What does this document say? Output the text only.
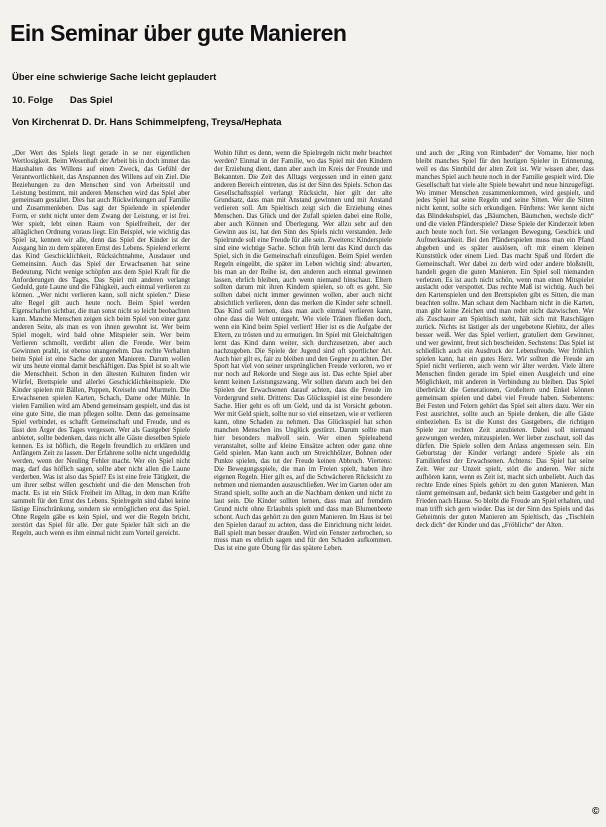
Ein Seminar über gute Manieren
Über eine schwierige Sache leicht geplaudert
10. Folge Das Spiel
Von Kirchenrat D. Dr. Hans Schimmelpfeng, Treysa/Hephata

„Der Wert des Spiels liegt gerade in se ner eigentlichen Wertlosigkeit. Beim Wesenhaft der Arbeit bis in doch immer das Haushalten des Willens auf einen Zweck, das Gefühl der Verantwortlichkeit, das Anspannen des Willens auf ein Ziel. Die Beziehungen zu den Menschen sind von Arbeitsstil und Leistung bestimmt, mit anderen Menschen wird das Spiel aber gemeinsam gestaltet. Dies hat auch Rückwirkungen auf Familie und Zusammenleben. Das sagt der Spielende in spielender Form, er steht nicht unter dem Zwang der Leistung, er ist frei. Wer spielt, lebt einen Raum von Spielfreiheit, der der alltäglichen Ordnung voraus liegt. Ein Beispiel, wie wichtig das Spiel ist, kennen wir alle, denn das Spiel der Kinder ist der Ausgang hin zu dem späteren Ernst des Lebens. Spielend erlernt das Kind Geschicklichkeit, Rücksichtnahme, Ausdauer und Gemeinsinn. Auch das Spiel der Erwachsenen hat seine Bedeutung. Nicht wenige schöpfen aus dem Spiel Kraft für die Anforderungen des Tages. Das Spiel mit anderen verlangt Geduld, gute Laune und die Fähigkeit, auch einmal verlieren zu können. „Wer nicht verlieren kann, soll nicht spielen.“ Diese alte Regel gilt auch heute noch. Beim Spiel werden Eigenschaften sichtbar, die man sonst nicht so leicht beobachten kann. Manche Menschen zeigen sich beim Spiel von einer ganz anderen Seite, als man es von ihnen gewohnt ist. Wer beim Spiel mogelt, wird bald ohne Mitspieler sein. Wer beim Verlieren schmollt, verdirbt allen die Freude. Wer beim Gewinnen prahlt, ist ebenso unangenehm. Das rechte Verhalten beim Spiel ist eine Sache der guten Manieren. Darum wollen wir uns heute einmal damit beschäftigen. Das Spiel ist so alt wie die Menschheit. Schon in den ältesten Kulturen finden wir Würfel, Brettspiele und allerlei Geschicklichkeitsspiele. Die Kinder spielen mit Bällen, Puppen, Kreiseln und Murmeln. Die Erwachsenen spielen Karten, Schach, Dame oder Mühle. In vielen Familien wird am Abend gemeinsam gespielt, und das ist eine gute Sitte, die man pflegen sollte. Denn das gemeinsame Spiel verbindet, es schafft Gemeinschaft und Freude, und es lässt den Ärger des Tages vergessen. Wer als Gastgeber Spiele anbietet, sollte bedenken, dass nicht alle Gäste dieselben Spiele kennen. Es ist höflich, die Regeln freundlich zu erklären und Anfängern Zeit zu lassen. Der Erfahrene sollte nicht ungeduldig werden, wenn der Neuling Fehler macht. Wer ein Spiel nicht mag, darf das höflich sagen, sollte aber nicht allen die Laune verderben. Was ist also das Spiel? Es ist eine freie Tätigkeit, die um ihrer selbst willen geschieht und die den Menschen froh macht. Es ist ein Stück Freiheit im Alltag, in dem man Kräfte sammelt für den Ernst des Lebens. Spielregeln sind dabei keine lästige Einschränkung, sondern sie ermöglichen erst das Spiel. Ohne Regeln gäbe es kein Spiel, und wer die Regeln bricht, zerstört das Spiel für alle. Der gute Spieler hält sich an die Regeln, auch wenn es ihm einmal nicht zum Vorteil gereicht.

Wohin führt es denn, wenn die Spielregeln nicht mehr beachtet werden? Einmal in der Familie, wo das Spiel mit den Kindern der Erziehung dient, dann aber auch im Kreis der Freunde und Bekannten. Die Zeit des Alltags vergessen und in einen ganz anderen Bereich eintreten, das ist der Sinn des Spiels. Schon das Gesellschaftsspiel verlangt Rücksicht, hier gilt der alte Grundsatz, dass man mit Anstand gewinnen und mit Anstand verlieren soll. Am Spieltisch zeigt sich die Erziehung eines Menschen. Das Glück und der Zufall spielen dabei eine Rolle, aber auch Können und Überlegung. Wer allzu sehr auf den Gewinn aus ist, hat den Sinn des Spiels nicht verstanden. Jede Spielrunde soll eine Freude für alle sein. Zweitens: Kinderspiele sind eine wichtige Sache. Schon früh lernt das Kind durch das Spiel, sich in die Gemeinschaft einzufügen. Beim Spiel werden Regeln eingeübt, die später im Leben wichtig sind: abwarten, bis man an der Reihe ist, den anderen auch einmal gewinnen lassen, ehrlich bleiben, auch wenn niemand hinschaut. Eltern sollten darum mit ihren Kindern spielen, so oft es geht. Sie sollten dabei nicht immer gewinnen wollen, aber auch nicht absichtlich verlieren, denn das merken die Kinder sehr schnell. Das Kind soll lernen, dass man auch einmal verlieren kann, ohne dass die Welt untergeht. Wie viele Tränen fließen doch, wenn ein Kind beim Spiel verliert! Hier ist es die Aufgabe der Eltern, zu trösten und zu ermutigen. Im Spiel mit Gleichaltrigen lernt das Kind dann weiter, sich durchzusetzen, aber auch nachzugeben. Die Spiele der Jugend sind oft sportlicher Art. Auch hier gilt es, fair zu bleiben und den Gegner zu achten. Der Sport hat viel von seiner ursprünglichen Freude verloren, wo er nur noch auf Rekorde und Siege aus ist. Das echte Spiel aber kennt keinen Leistungszwang. Wir sollten darum auch bei den Spielen der Erwachsenen darauf achten, dass die Freude im Vordergrund steht. Drittens: Das Glücksspiel ist eine besondere Sache. Hier geht es oft um Geld, und da ist Vorsicht geboten. Wer mit Geld spielt, sollte nur so viel einsetzen, wie er verlieren kann, ohne Schaden zu nehmen. Das Glücksspiel hat schon manchen Menschen ins Unglück gestürzt. Darum sollte man hier besonders maßvoll sein. Wer einen Spieleabend veranstaltet, sollte auf kleine Einsätze achten oder ganz ohne Geld spielen. Man kann auch um Streichhölzer, Bohnen oder Punkte spielen, das tut der Freude keinen Abbruch. Viertens: Die Bewegungsspiele, die man im Freien spielt, haben ihre eigenen Regeln. Hier gilt es, auf die Schwächeren Rücksicht zu nehmen und niemanden auszuschließen. Wer im Garten oder am Strand spielt, sollte auch an die Nachbarn denken und nicht zu laut sein. Die Kinder sollten lernen, dass man auf fremdem Grund nicht ohne Erlaubnis spielt und dass man Blumenbeete schont. Auch das gehört zu den guten Manieren. Im Haus ist bei den Spielen darauf zu achten, dass die Einrichtung nicht leidet. Ball spielt man besser draußen. Wird ein Fenster zerbrochen, so muss man es ehrlich sagen und für den Schaden aufkommen. Das ist eine gute Übung für das spätere Leben.

und auch der „Ring von Rimbaden“ der Vorname, hier noch bleibt manches Spiel für den heutigen Spieler in Erinnerung, weil es das Sinnbild der alten Zeit ist. Wir wissen aber, dass manches Spiel auch heute noch in der Familie gespielt wird. Die Gesellschaft hat viele alte Spiele bewahrt und neue hinzugefügt. Wo immer Menschen zusammenkommen, wird gespielt, und jedes Spiel hat seine Regeln und seine Sitten. Wer die Sitten nicht kennt, sollte sich erkundigen. Fünftens: Wer kennt nicht das Blindekuhspiel, das „Bäumchen, Bäumchen, wechsle dich“ und die vielen Pfänderspiele? Diese Spiele der Kinderzeit leben auch heute noch fort. Sie verlangen Bewegung, Geschick und Aufmerksamkeit. Bei den Pfänderspielen muss man ein Pfand abgeben und es später auslösen, oft mit einem kleinen Kunststück oder einem Lied. Das macht Spaß und fördert die Gemeinschaft. Wer dabei zu derb wird oder andere bloßstellt, handelt gegen die guten Manieren. Ein Spiel soll niemanden verletzen. Es ist auch nicht schön, wenn man einen Mitspieler auslacht oder verspottet. Das rechte Maß ist wichtig. Auch bei den Kartenspielen und den Brettspielen gibt es Sitten, die man beachten sollte. Man schaut dem Nachbarn nicht in die Karten, man gibt keine Zeichen und man redet nicht dazwischen. Wer als Zuschauer am Spieltisch steht, hält sich mit Ratschlägen zurück. Nichts ist lästiger als der ungebetene Kiebitz, der alles besser weiß. Wer das Spiel verliert, gratuliert dem Gewinner, und wer gewinnt, freut sich bescheiden. Sechstens: Das Spiel ist schließlich auch ein Ausdruck der Lebensfreude. Wer fröhlich spielen kann, hat ein gutes Herz. Wir sollten die Freude am Spiel nicht verlieren, auch wenn wir älter werden. Viele ältere Menschen finden gerade im Spiel einen Ausgleich und eine Möglichkeit, mit anderen in Verbindung zu bleiben. Das Spiel überbrückt die Generationen, Großeltern und Enkel können gemeinsam spielen und dabei viel Freude haben. Siebentens: Bei Festen und Feiern gehört das Spiel seit alters dazu. Wer ein Fest ausrichtet, sollte auch an Spiele denken, die alle Gäste einbeziehen. Es ist die Kunst des Gastgebers, die richtigen Spiele zur rechten Zeit anzubieten. Dabei soll niemand gezwungen werden, mitzuspielen. Wer lieber zuschaut, soll das dürfen. Die Spiele sollen dem Anlass angemessen sein. Ein Geburtstag der Kinder verlangt andere Spiele als ein Familienfest der Erwachsenen. Achtens: Das Spiel hat seine Zeit. Wer zur Unzeit spielt, stört die anderen. Wer nicht aufhören kann, wenn es Zeit ist, macht sich unbeliebt. Auch das rechte Ende eines Spiels gehört zu den guten Manieren. Man räumt gemeinsam auf, bedankt sich beim Gastgeber und geht in Frieden nach Hause. So bleibt die Freude am Spiel erhalten, und man trifft sich gern wieder. Das ist der Sinn des Spiels und das Geheimnis der guten Manieren am Spieltisch, das „Tischlein deck dich“ der Kinder und das „Fröhliche“ der Alten.

©
